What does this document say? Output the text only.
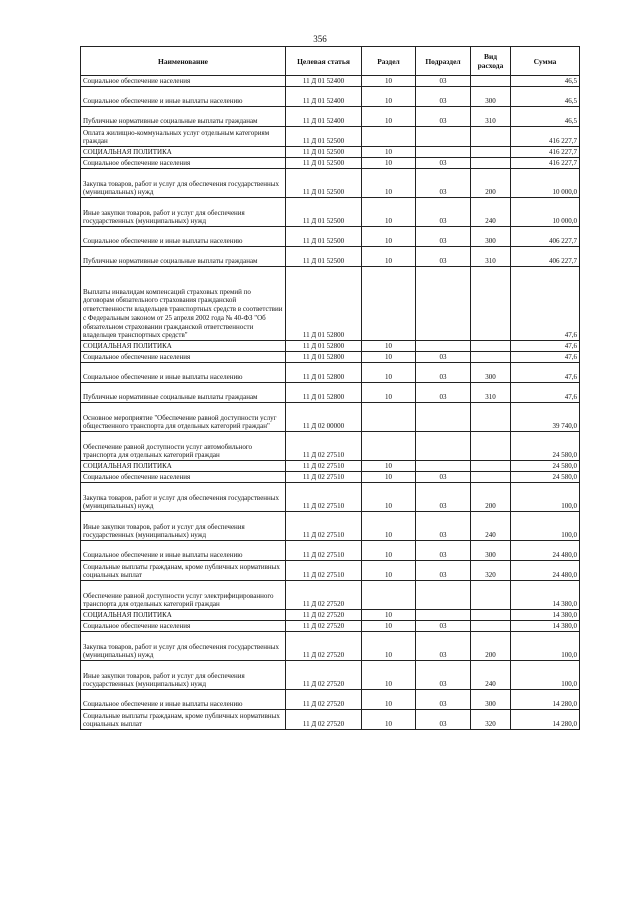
356
Наименование	Целевая статья	Раздел	Подраздел	Вид расхода	Сумма
Социальное обеспечение населения	11 Д 01 52400	10	03		46,5
Социальное обеспечение и иные выплаты населению	11 Д 01 52400	10	03	300	46,5
Публичные нормативные социальные выплаты гражданам	11 Д 01 52400	10	03	310	46,5
Оплата жилищно-коммунальных услуг отдельным категориям граждан	11 Д 01 52500				416 227,7
СОЦИАЛЬНАЯ ПОЛИТИКА	11 Д 01 52500	10			416 227,7
Социальное обеспечение населения	11 Д 01 52500	10	03		416 227,7
Закупка товаров, работ и услуг для обеспечения государственных (муниципальных) нужд	11 Д 01 52500	10	03	200	10 000,0
Иные закупки товаров, работ и услуг для обеспечения государственных (муниципальных) нужд	11 Д 01 52500	10	03	240	10 000,0
Социальное обеспечение и иные выплаты населению	11 Д 01 52500	10	03	300	406 227,7
Публичные нормативные социальные выплаты гражданам	11 Д 01 52500	10	03	310	406 227,7
Выплаты инвалидам компенсаций страховых премий по договорам обязательного страхования гражданской ответственности владельцев транспортных средств в соответствии с Федеральным законом от 25 апреля 2002 года № 40-ФЗ "Об обязательном страховании гражданской ответственности владельцев транспортных средств"	11 Д 01 52800				47,6
СОЦИАЛЬНАЯ ПОЛИТИКА	11 Д 01 52800	10			47,6
Социальное обеспечение населения	11 Д 01 52800	10	03		47,6
Социальное обеспечение и иные выплаты населению	11 Д 01 52800	10	03	300	47,6
Публичные нормативные социальные выплаты гражданам	11 Д 01 52800	10	03	310	47,6
Основное мероприятие "Обеспечение равной доступности услуг общественного транспорта для отдельных категорий граждан"	11 Д 02 00000				39 740,0
Обеспечение равной доступности услуг автомобильного транспорта для отдельных категорий граждан	11 Д 02 27510				24 580,0
СОЦИАЛЬНАЯ ПОЛИТИКА	11 Д 02 27510	10			24 580,0
Социальное обеспечение населения	11 Д 02 27510	10	03		24 580,0
Закупка товаров, работ и услуг для обеспечения государственных (муниципальных) нужд	11 Д 02 27510	10	03	200	100,0
Иные закупки товаров, работ и услуг для обеспечения государственных (муниципальных) нужд	11 Д 02 27510	10	03	240	100,0
Социальное обеспечение и иные выплаты населению	11 Д 02 27510	10	03	300	24 480,0
Социальные выплаты гражданам, кроме публичных нормативных социальных выплат	11 Д 02 27510	10	03	320	24 480,0
Обеспечение равной доступности услуг электрифицированного транспорта для отдельных категорий граждан	11 Д 02 27520				14 380,0
СОЦИАЛЬНАЯ ПОЛИТИКА	11 Д 02 27520	10			14 380,0
Социальное обеспечение населения	11 Д 02 27520	10	03		14 380,0
Закупка товаров, работ и услуг для обеспечения государственных (муниципальных) нужд	11 Д 02 27520	10	03	200	100,0
Иные закупки товаров, работ и услуг для обеспечения государственных (муниципальных) нужд	11 Д 02 27520	10	03	240	100,0
Социальное обеспечение и иные выплаты населению	11 Д 02 27520	10	03	300	14 280,0
Социальные выплаты гражданам, кроме публичных нормативных социальных выплат	11 Д 02 27520	10	03	320	14 280,0
